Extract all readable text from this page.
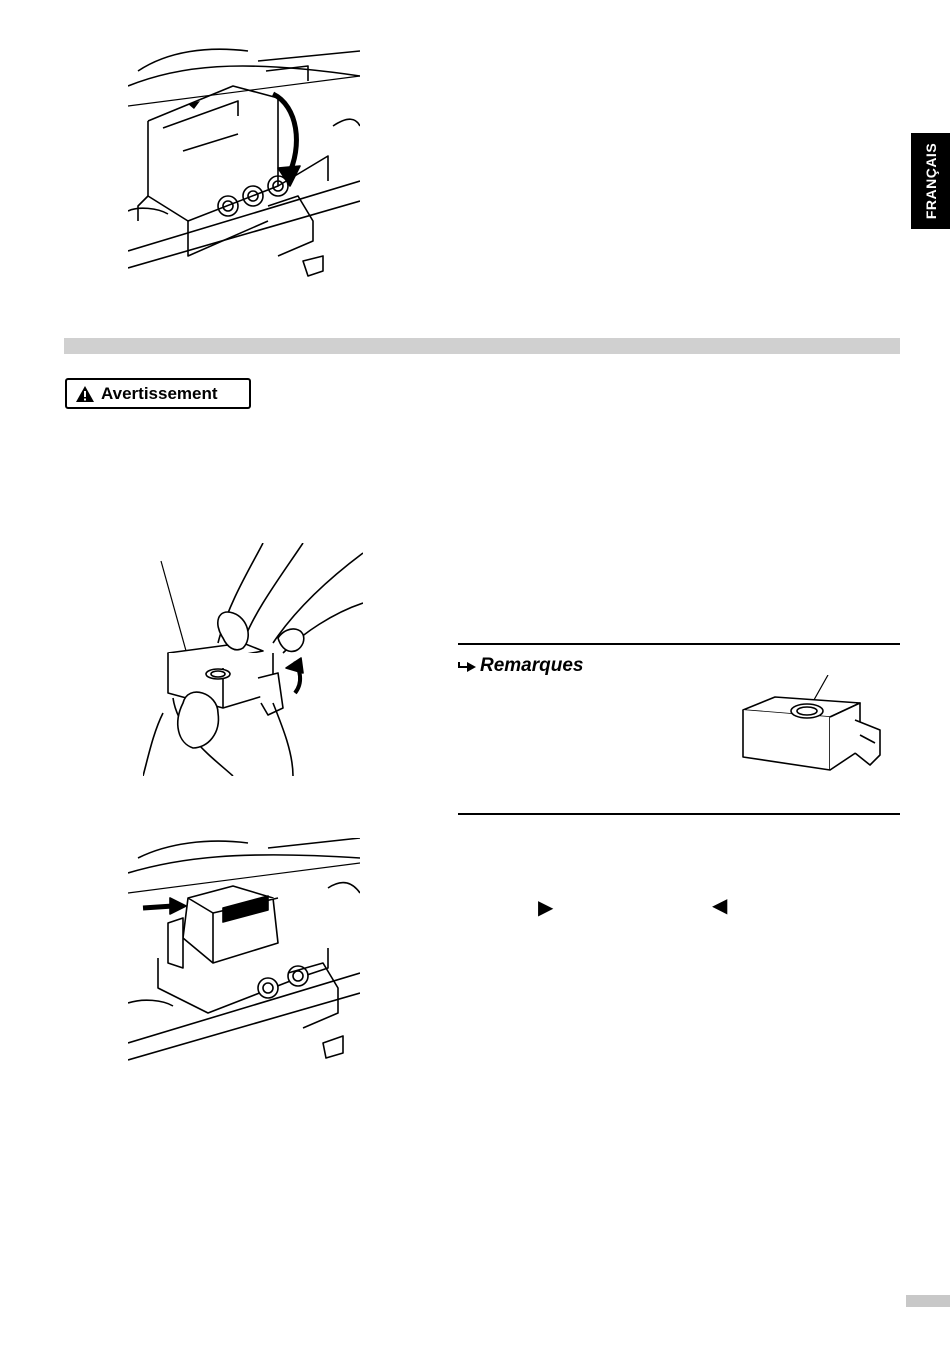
FRANÇAIS
Avertissement
Remarques
▶	◀
